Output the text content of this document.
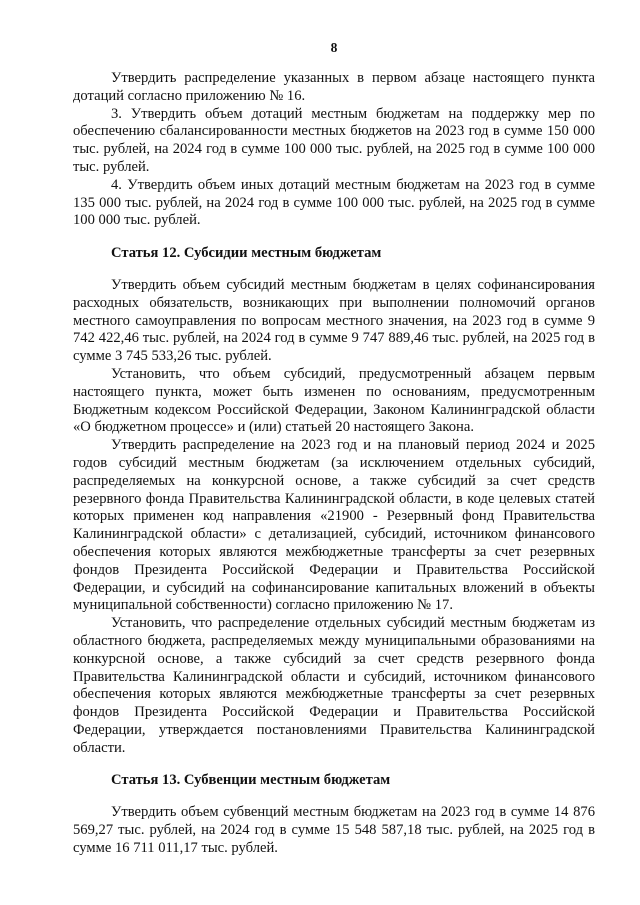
8

Утвердить распределение указанных в первом абзаце настоящего пункта дотаций согласно приложению № 16.

3. Утвердить объем дотаций местным бюджетам на поддержку мер по обеспечению сбалансированности местных бюджетов на 2023 год в сумме 150 000 тыс. рублей, на 2024 год в сумме 100 000 тыс. рублей, на 2025 год в сумме 100 000 тыс. рублей.

4. Утвердить объем иных дотаций местным бюджетам на 2023 год в сумме 135 000 тыс. рублей, на 2024 год в сумме 100 000 тыс. рублей, на 2025 год в сумме 100 000 тыс. рублей.

Статья 12. Субсидии местным бюджетам

Утвердить объем субсидий местным бюджетам в целях софинансирования расходных обязательств, возникающих при выполнении полномочий органов местного самоуправления по вопросам местного значения, на 2023 год в сумме 9 742 422,46 тыс. рублей, на 2024 год в сумме 9 747 889,46 тыс. рублей, на 2025 год в сумме 3 745 533,26 тыс. рублей.

Установить, что объем субсидий, предусмотренный абзацем первым настоящего пункта, может быть изменен по основаниям, предусмотренным Бюджетным кодексом Российской Федерации, Законом Калининградской области «О бюджетном процессе» и (или) статьей 20 настоящего Закона.

Утвердить распределение на 2023 год и на плановый период 2024 и 2025 годов субсидий местным бюджетам (за исключением отдельных субсидий, распределяемых на конкурсной основе, а также субсидий за счет средств резервного фонда Правительства Калининградской области, в коде целевых статей которых применен код направления «21900 - Резервный фонд Правительства Калининградской области» с детализацией, субсидий, источником финансового обеспечения которых являются межбюджетные трансферты за счет резервных фондов Президента Российской Федерации и Правительства Российской Федерации, и субсидий на софинансирование капитальных вложений в объекты муниципальной собственности) согласно приложению № 17.

Установить, что распределение отдельных субсидий местным бюджетам из областного бюджета, распределяемых между муниципальными образованиями на конкурсной основе, а также субсидий за счет средств резервного фонда Правительства Калининградской области и субсидий, источником финансового обеспечения которых являются межбюджетные трансферты за счет резервных фондов Президента Российской Федерации и Правительства Российской Федерации, утверждается постановлениями Правительства Калининградской области.

Статья 13. Субвенции местным бюджетам

Утвердить объем субвенций местным бюджетам на 2023 год в сумме 14 876 569,27 тыс. рублей, на 2024 год в сумме 15 548 587,18 тыс. рублей, на 2025 год в сумме 16 711 011,17 тыс. рублей.
